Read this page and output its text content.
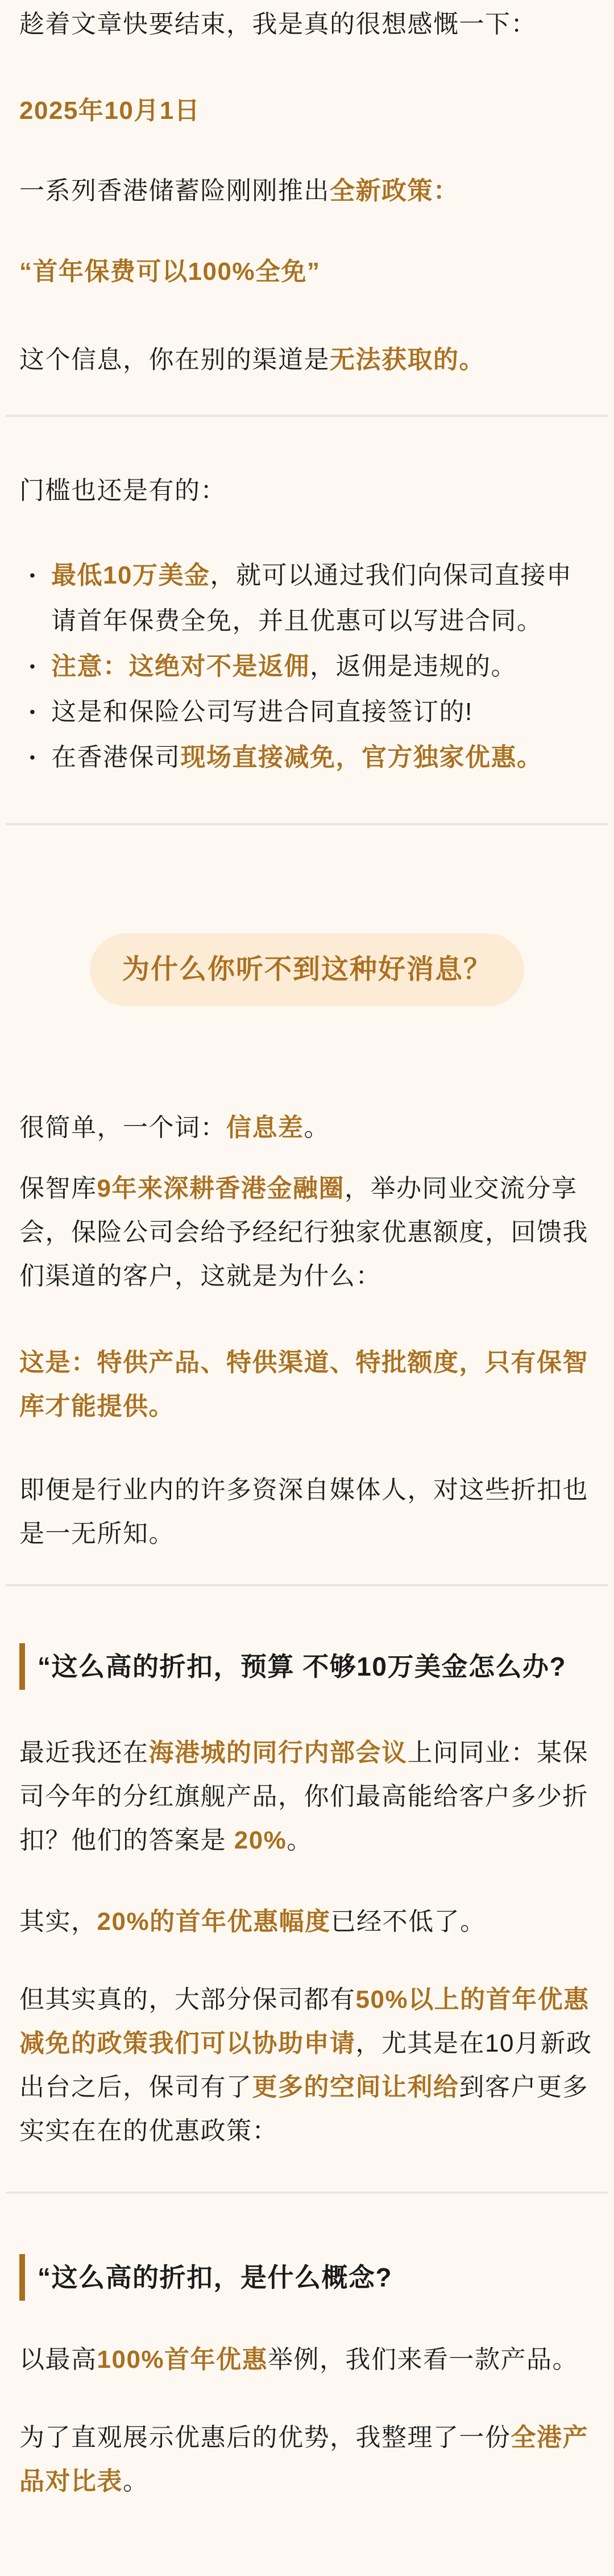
趁着文章快要结束，我是真的很想感慨一下：

2025年10月1日

一系列香港储蓄险刚刚推出全新政策：

“首年保费可以100%全免”

这个信息，你在别的渠道是无法获取的。

门槛也还是有的：

• 最低10万美金，就可以通过我们向保司直接申请首年保费全免，并且优惠可以写进合同。
• 注意：这绝对不是返佣，返佣是违规的。
• 这是和保险公司写进合同直接签订的!
• 在香港保司现场直接减免，官方独家优惠。
为什么你听不到这种好消息？

很简单，一个词：信息差。

保智库9年来深耕香港金融圈，举办同业交流分享会，保险公司会给予经纪行独家优惠额度，回馈我们渠道的客户，这就是为什么：

这是：特供产品、特供渠道、特批额度，只有保智库才能提供。

即便是行业内的许多资深自媒体人，对这些折扣也是一无所知。

“这么高的折扣，预算 不够10万美金怎么办?

最近我还在海港城的同行内部会议上问同业：某保司今年的分红旗舰产品，你们最高能给客户多少折扣？他们的答案是 20%。

其实，20%的首年优惠幅度已经不低了。

但其实真的，大部分保司都有50%以上的首年优惠减免的政策我们可以协助申请，尤其是在10月新政出台之后，保司有了更多的空间让利给到客户更多实实在在的优惠政策：

“这么高的折扣，是什么概念?

以最高100%首年优惠举例，我们来看一款产品。

为了直观展示优惠后的优势，我整理了一份全港产品对比表。
